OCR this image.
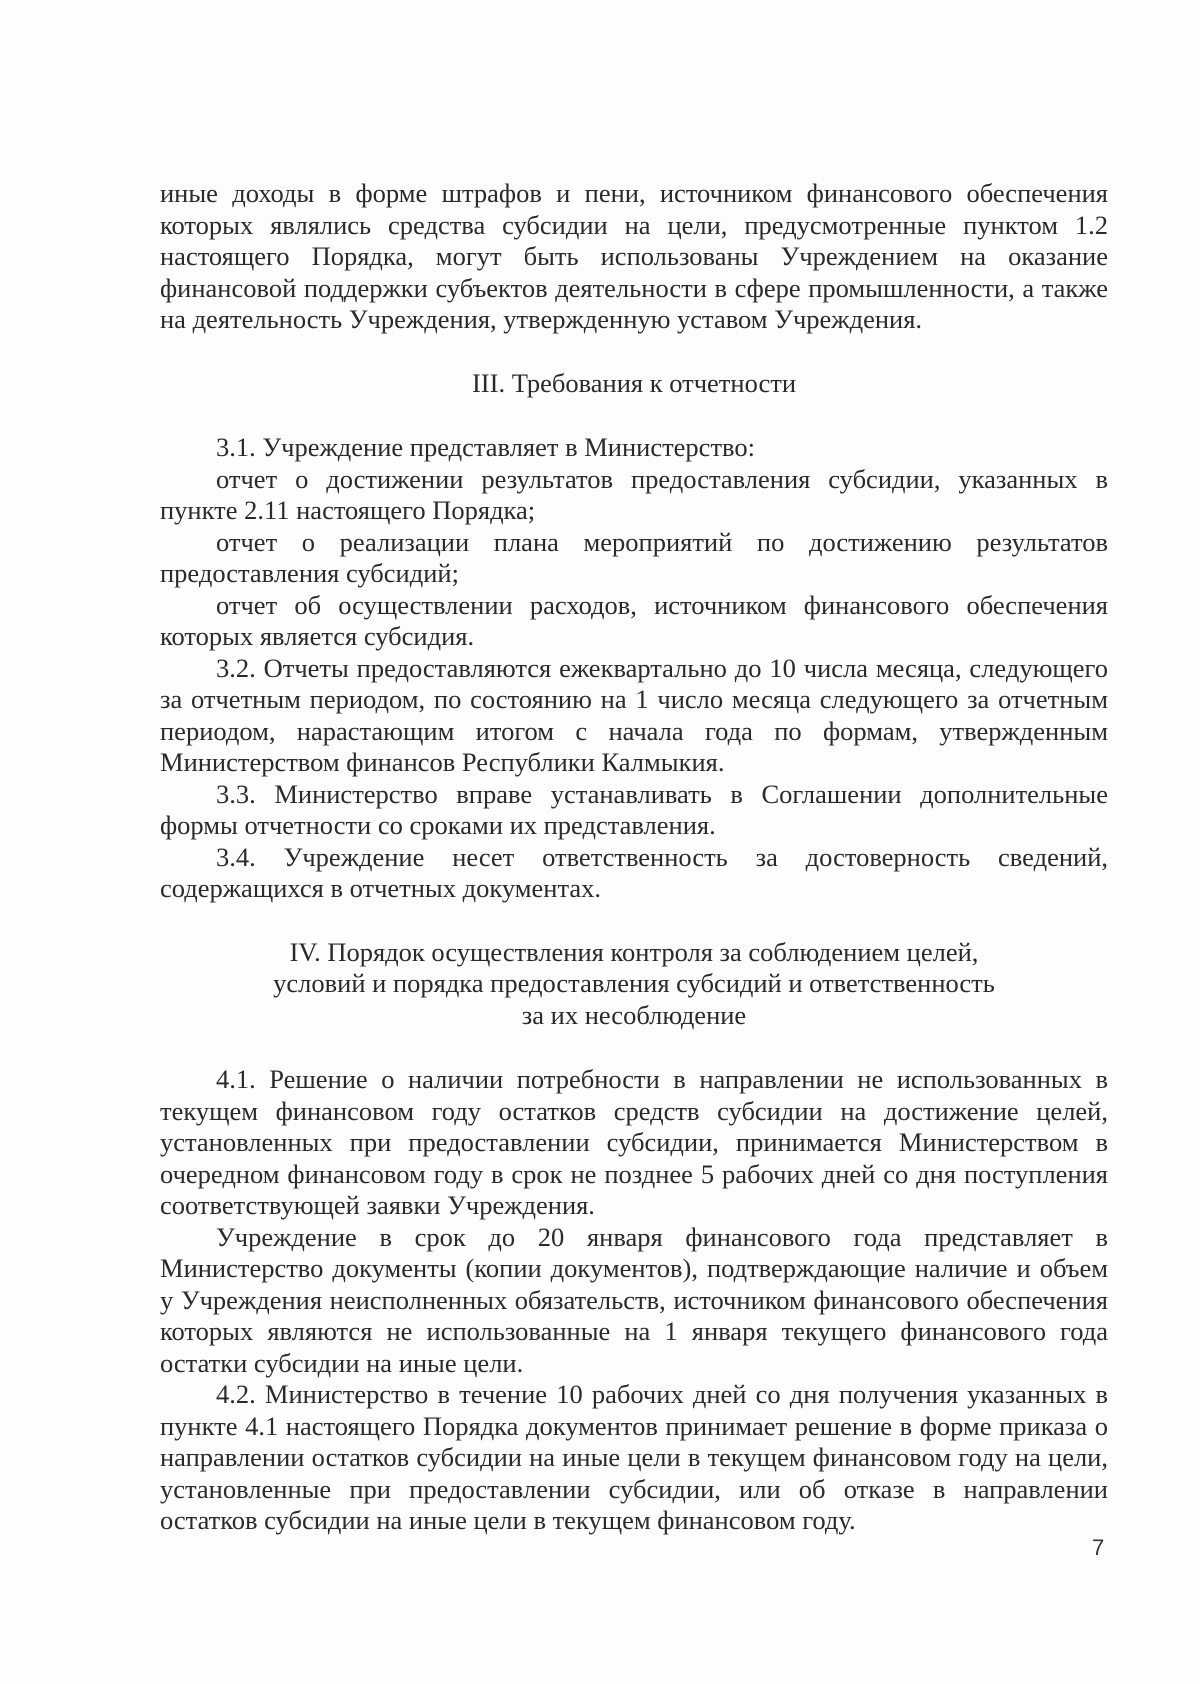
иные доходы в форме штрафов и пени, источником финансового обеспечения которых являлись средства субсидии на цели, предусмотренные пунктом 1.2 настоящего Порядка, могут быть использованы Учреждением на оказание финансовой поддержки субъектов деятельности в сфере промышленности, а также на деятельность Учреждения, утвержденную уставом Учреждения.

III. Требования к отчетности

3.1. Учреждение представляет в Министерство:

отчет о достижении результатов предоставления субсидии, указанных в пункте 2.11 настоящего Порядка;

отчет о реализации плана мероприятий по достижению результатов предоставления субсидий;

отчет об осуществлении расходов, источником финансового обеспечения которых является субсидия.

3.2. Отчеты предоставляются ежеквартально до 10 числа месяца, следующего за отчетным периодом, по состоянию на 1 число месяца следующего за отчетным периодом, нарастающим итогом с начала года по формам, утвержденным Министерством финансов Республики Калмыкия.

3.3. Министерство вправе устанавливать в Соглашении дополнительные формы отчетности со сроками их представления.

3.4. Учреждение несет ответственность за достоверность сведений, содержащихся в отчетных документах.

IV. Порядок осуществления контроля за соблюдением целей,

условий и порядка предоставления субсидий и ответственность

за их несоблюдение

4.1. Решение о наличии потребности в направлении не использованных в текущем финансовом году остатков средств субсидии на достижение целей, установленных при предоставлении субсидии, принимается Министерством в очередном финансовом году в срок не позднее 5 рабочих дней со дня поступления соответствующей заявки Учреждения.

Учреждение в срок до 20 января финансового года представляет в Министерство документы (копии документов), подтверждающие наличие и объем у Учреждения неисполненных обязательств, источником финансового обеспечения которых являются не использованные на 1 января текущего финансового года остатки субсидии на иные цели.

4.2. Министерство в течение 10 рабочих дней со дня получения указанных в пункте 4.1 настоящего Порядка документов принимает решение в форме приказа о направлении остатков субсидии на иные цели в текущем финансовом году на цели, установленные при предоставлении субсидии, или об отказе в направлении остатков субсидии на иные цели в текущем финансовом году.

7
